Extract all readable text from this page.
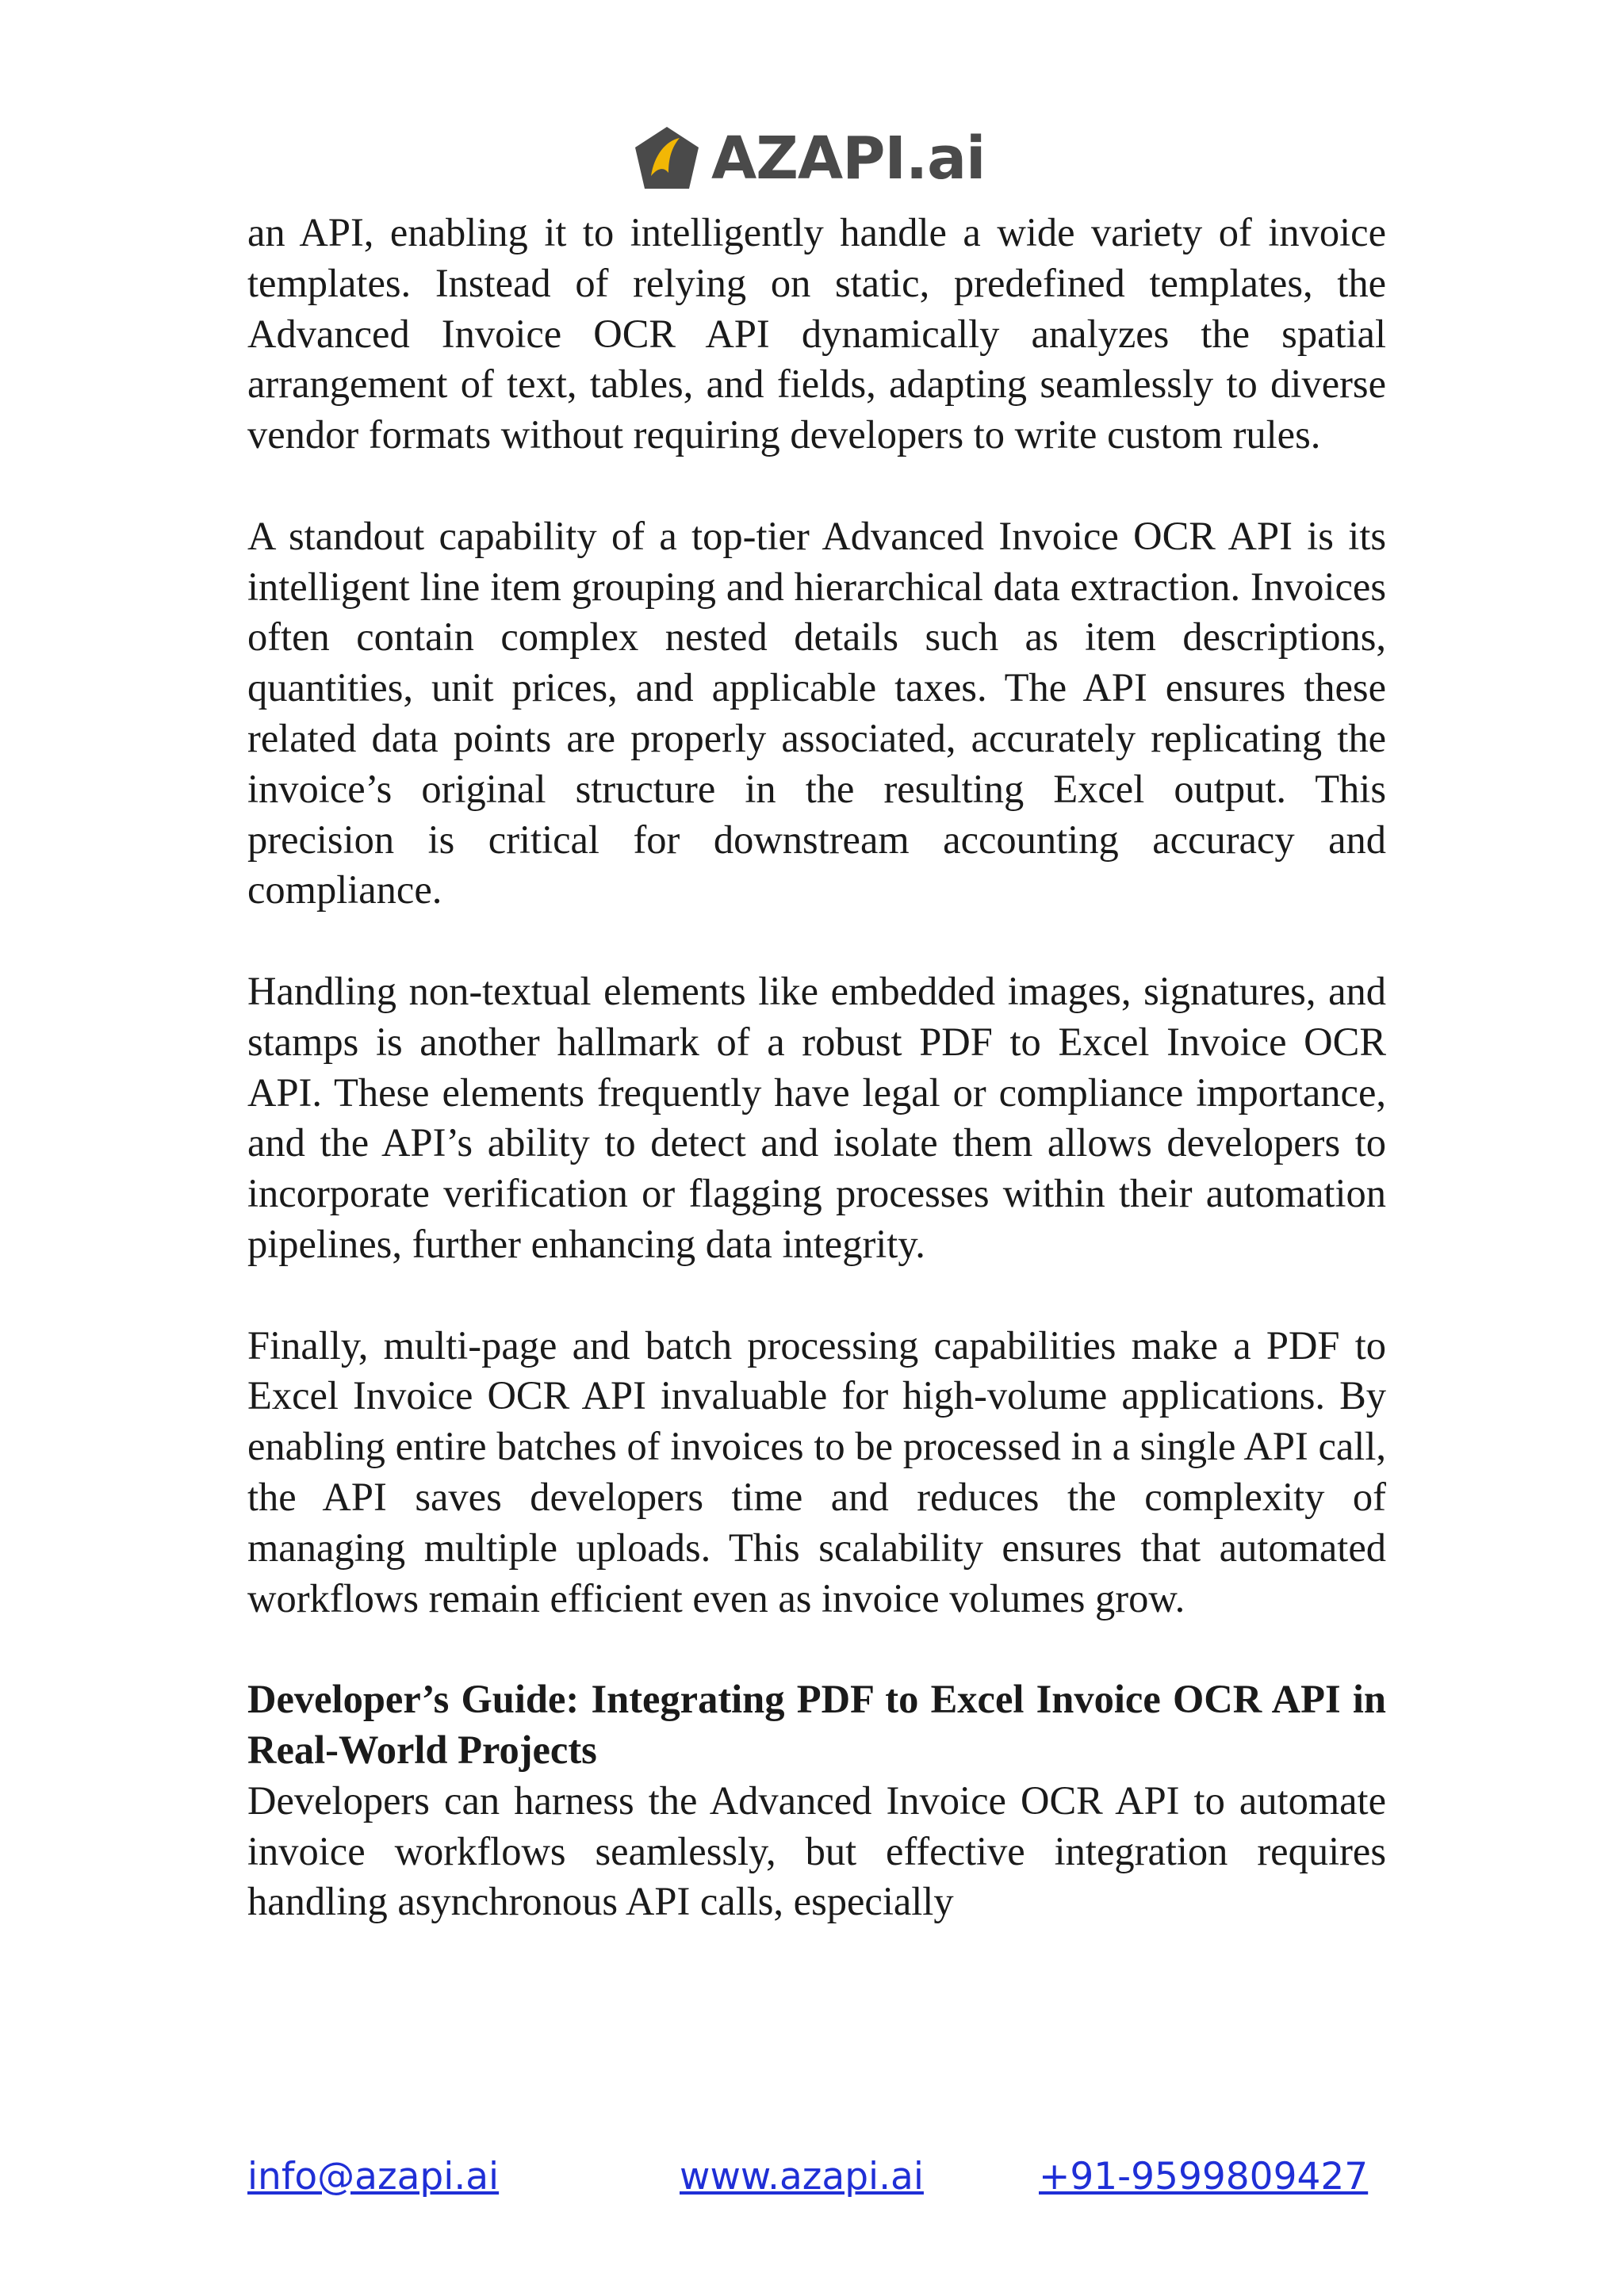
AZAPI.ai

an API, enabling it to intelligently handle a wide variety of invoice templates. Instead of relying on static, predefined templates, the Advanced Invoice OCR API dynamically analyzes the spatial arrangement of text, tables, and fields, adapting seamlessly to diverse vendor formats without requiring developers to write custom rules.

A standout capability of a top-tier Advanced Invoice OCR API is its intelligent line item grouping and hierarchical data extraction. Invoices often contain complex nested details such as item descriptions, quantities, unit prices, and applicable taxes. The API ensures these related data points are properly associated, accurately replicating the invoice’s original structure in the resulting Excel output. This precision is critical for downstream accounting accuracy and compliance.

Handling non-textual elements like embedded images, signatures, and stamps is another hallmark of a robust PDF to Excel Invoice OCR API. These elements frequently have legal or compliance importance, and the API’s ability to detect and isolate them allows developers to incorporate verification or flagging processes within their automation pipelines, further enhancing data integrity.

Finally, multi-page and batch processing capabilities make a PDF to Excel Invoice OCR API invaluable for high-volume applications. By enabling entire batches of invoices to be processed in a single API call, the API saves developers time and reduces the complexity of managing multiple uploads. This scalability ensures that automated workflows remain efficient even as invoice volumes grow.

Developer’s Guide: Integrating PDF to Excel Invoice OCR API in Real-World Projects

Developers can harness the Advanced Invoice OCR API to automate invoice workflows seamlessly, but effective integration requires handling asynchronous API calls, especially

info@azapi.ai	www.azapi.ai	+91-9599809427
